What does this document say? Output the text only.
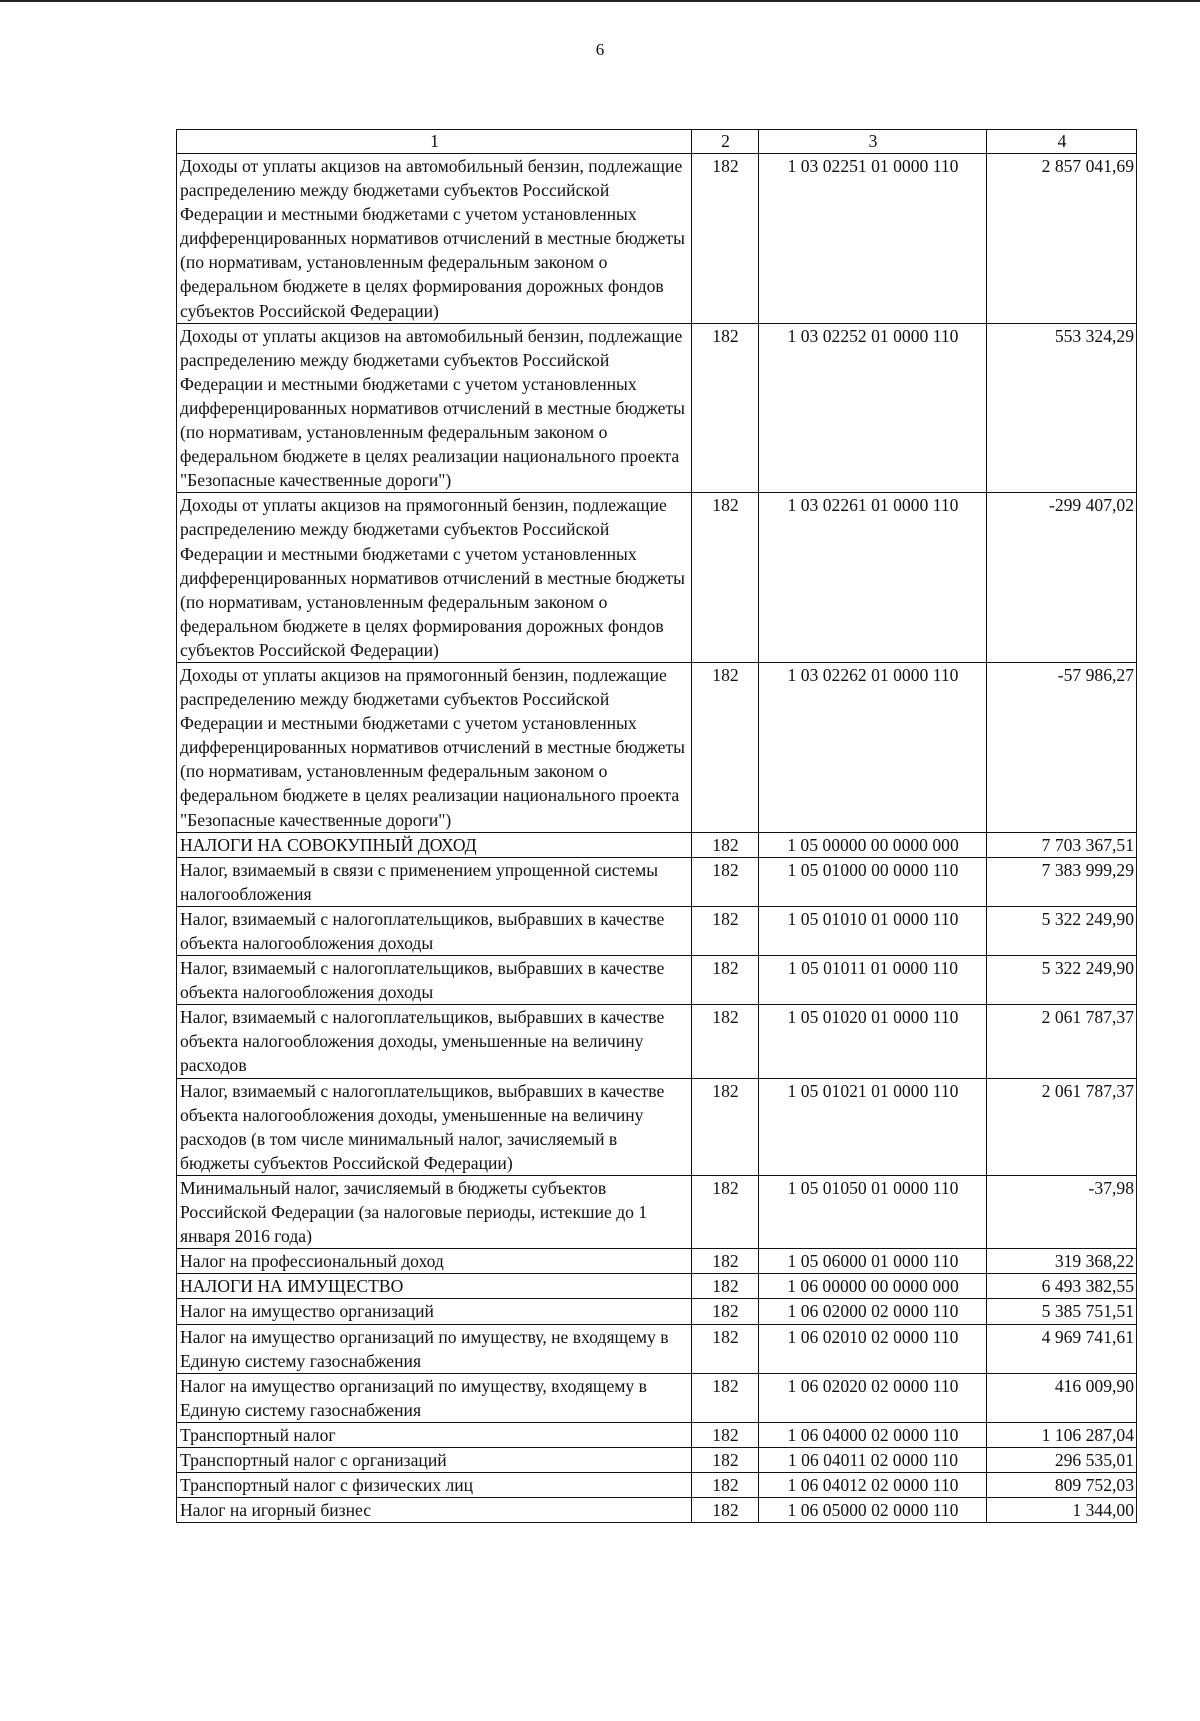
6
1	2	3	4
Доходы от уплаты акцизов на автомобильный бензин, подлежащие распределению между бюджетами субъектов Российской Федерации и местными бюджетами с учетом установленных дифференцированных нормативов отчислений в местные бюджеты (по нормативам, установленным федеральным законом о федеральном бюджете в целях формирования дорожных фондов субъектов Российской Федерации)	182	1 03 02251 01 0000 110	2 857 041,69
Доходы от уплаты акцизов на автомобильный бензин, подлежащие распределению между бюджетами субъектов Российской Федерации и местными бюджетами с учетом установленных дифференцированных нормативов отчислений в местные бюджеты (по нормативам, установленным федеральным законом о федеральном бюджете в целях реализации национального проекта "Безопасные качественные дороги")	182	1 03 02252 01 0000 110	553 324,29
Доходы от уплаты акцизов на прямогонный бензин, подлежащие распределению между бюджетами субъектов Российской Федерации и местными бюджетами с учетом установленных дифференцированных нормативов отчислений в местные бюджеты (по нормативам, установленным федеральным законом о федеральном бюджете в целях формирования дорожных фондов субъектов Российской Федерации)	182	1 03 02261 01 0000 110	-299 407,02
Доходы от уплаты акцизов на прямогонный бензин, подлежащие распределению между бюджетами субъектов Российской Федерации и местными бюджетами с учетом установленных дифференцированных нормативов отчислений в местные бюджеты (по нормативам, установленным федеральным законом о федеральном бюджете в целях реализации национального проекта "Безопасные качественные дороги")	182	1 03 02262 01 0000 110	-57 986,27
НАЛОГИ НА СОВОКУПНЫЙ ДОХОД	182	1 05 00000 00 0000 000	7 703 367,51
Налог, взимаемый в связи с применением упрощенной системы налогообложения	182	1 05 01000 00 0000 110	7 383 999,29
Налог, взимаемый с налогоплательщиков, выбравших в качестве объекта налогообложения доходы	182	1 05 01010 01 0000 110	5 322 249,90
Налог, взимаемый с налогоплательщиков, выбравших в качестве объекта налогообложения доходы	182	1 05 01011 01 0000 110	5 322 249,90
Налог, взимаемый с налогоплательщиков, выбравших в качестве объекта налогообложения доходы, уменьшенные на величину расходов	182	1 05 01020 01 0000 110	2 061 787,37
Налог, взимаемый с налогоплательщиков, выбравших в качестве объекта налогообложения доходы, уменьшенные на величину расходов (в том числе минимальный налог, зачисляемый в бюджеты субъектов Российской Федерации)	182	1 05 01021 01 0000 110	2 061 787,37
Минимальный налог, зачисляемый в бюджеты субъектов Российской Федерации (за налоговые периоды, истекшие до 1 января 2016 года)	182	1 05 01050 01 0000 110	-37,98
Налог на профессиональный доход	182	1 05 06000 01 0000 110	319 368,22
НАЛОГИ НА ИМУЩЕСТВО	182	1 06 00000 00 0000 000	6 493 382,55
Налог на имущество организаций	182	1 06 02000 02 0000 110	5 385 751,51
Налог на имущество организаций по имуществу, не входящему в Единую систему газоснабжения	182	1 06 02010 02 0000 110	4 969 741,61
Налог на имущество организаций по имуществу, входящему в Единую систему газоснабжения	182	1 06 02020 02 0000 110	416 009,90
Транспортный налог	182	1 06 04000 02 0000 110	1 106 287,04
Транспортный налог с организаций	182	1 06 04011 02 0000 110	296 535,01
Транспортный налог с физических лиц	182	1 06 04012 02 0000 110	809 752,03
Налог на игорный бизнес	182	1 06 05000 02 0000 110	1 344,00
